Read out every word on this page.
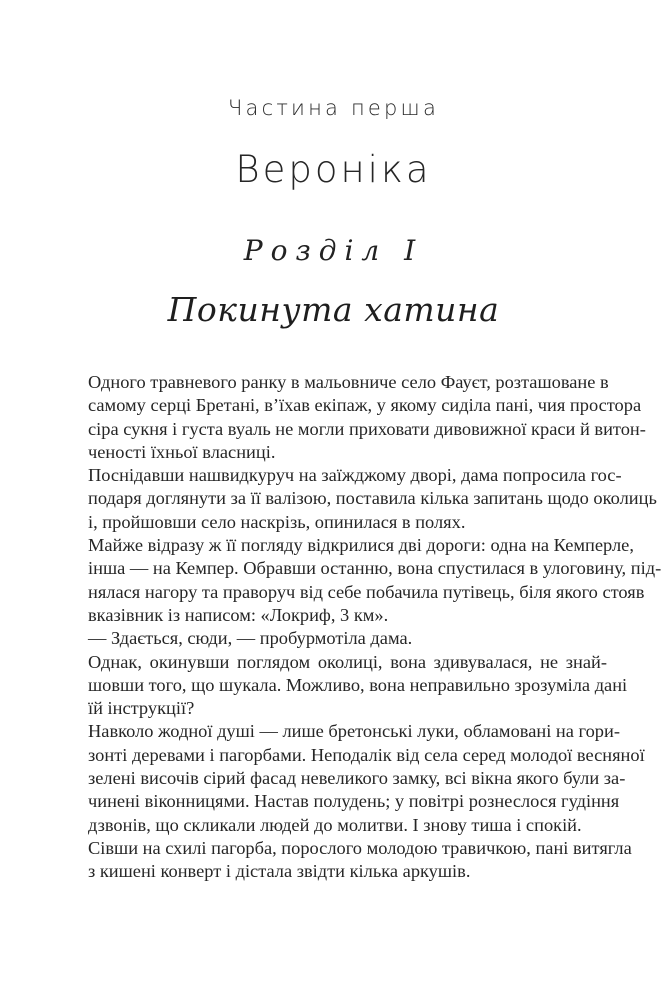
Частина перша
Вероніка
Розділ I
Покинута хатина
Одного травневого ранку в мальовниче село Фауєт, розташоване в
самому серці Бретані, в’їхав екіпаж, у якому сиділа пані, чия простора
сіра сукня і густа вуаль не могли приховати дивовижної краси й витон-
ченості їхньої власниці.
Поснідавши нашвидкуруч на заїжджому дворі, дама попросила гос-
подаря доглянути за її валізою, поставила кілька запитань щодо околиць
і, пройшовши село наскрізь, опинилася в полях.
Майже відразу ж її погляду відкрилися дві дороги: одна на Кемперле,
інша — на Кемпер. Обравши останню, вона спустилася в улоговину, під-
нялася нагору та праворуч від себе побачила путівець, біля якого стояв
вказівник із написом: «Локриф, 3 км».
— Здається, сюди, — пробурмотіла дама.
Однак, окинувши поглядом околиці, вона здивувалася, не знай-
шовши того, що шукала. Можливо, вона неправильно зрозуміла дані
їй інструкції?
Навколо жодної душі — лише бретонські луки, обламовані на гори-
зонті деревами і пагорбами. Неподалік від села серед молодої весняної
зелені височів сірий фасад невеликого замку, всі вікна якого були за-
чинені віконницями. Настав полудень; у повітрі рознеслося гудіння
дзвонів, що скликали людей до молитви. І знову тиша і спокій.
Сівши на схилі пагорба, порослого молодою травичкою, пані витягла
з кишені конверт і дістала звідти кілька аркушів.
